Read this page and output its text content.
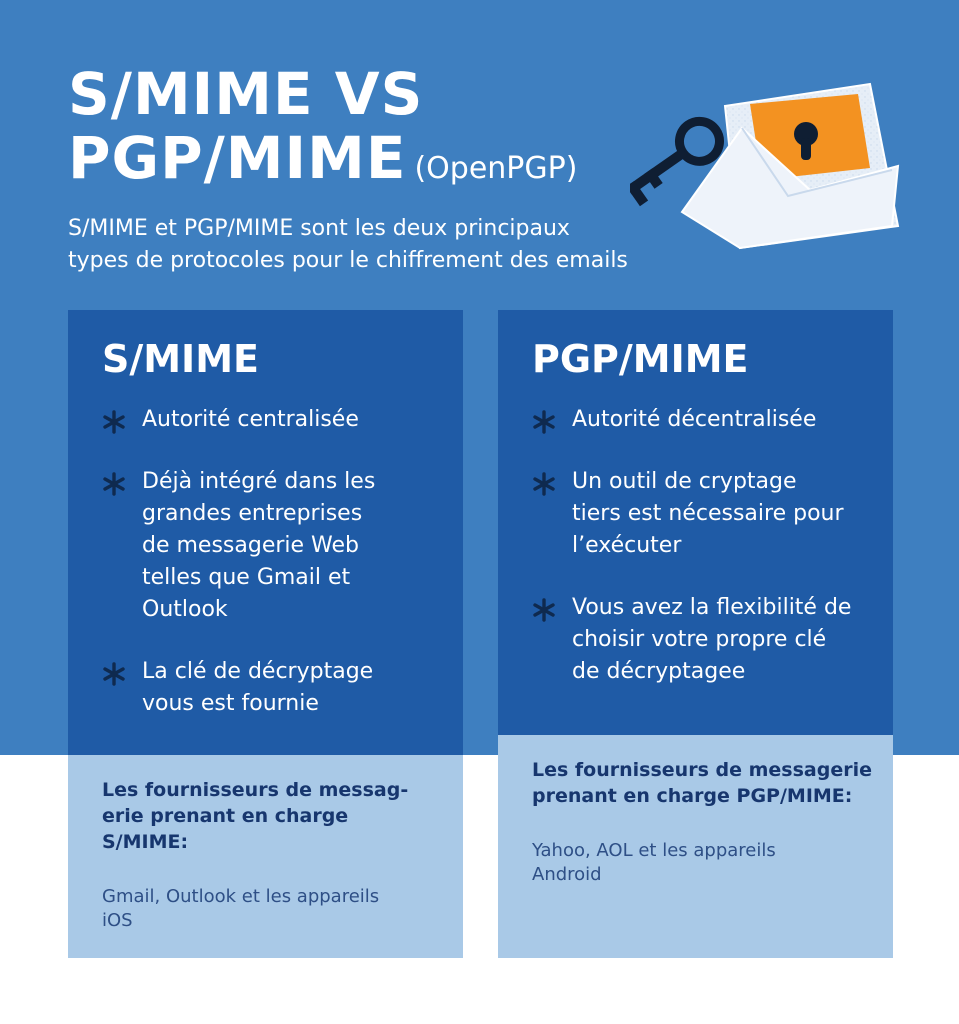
S/MIME VS
PGP/MIME (OpenPGP)

S/MIME et PGP/MIME sont les deux principaux
types de protocoles pour le chiffrement des emails

S/MIME
Autorité centralisée
Déjà intégré dans les
grandes entreprises
de messagerie Web
telles que Gmail et
Outlook
La clé de décryptage
vous est fournie
Les fournisseurs de messag-
erie prenant en charge
S/MIME:
Gmail, Outlook et les appareils
iOS
PGP/MIME
Autorité décentralisée
Un outil de cryptage
tiers est nécessaire pour
l’exécuter
Vous avez la flexibilité de
choisir votre propre clé
de décryptagee
Les fournisseurs de messagerie
prenant en charge PGP/MIME:
Yahoo, AOL et les appareils
Android
